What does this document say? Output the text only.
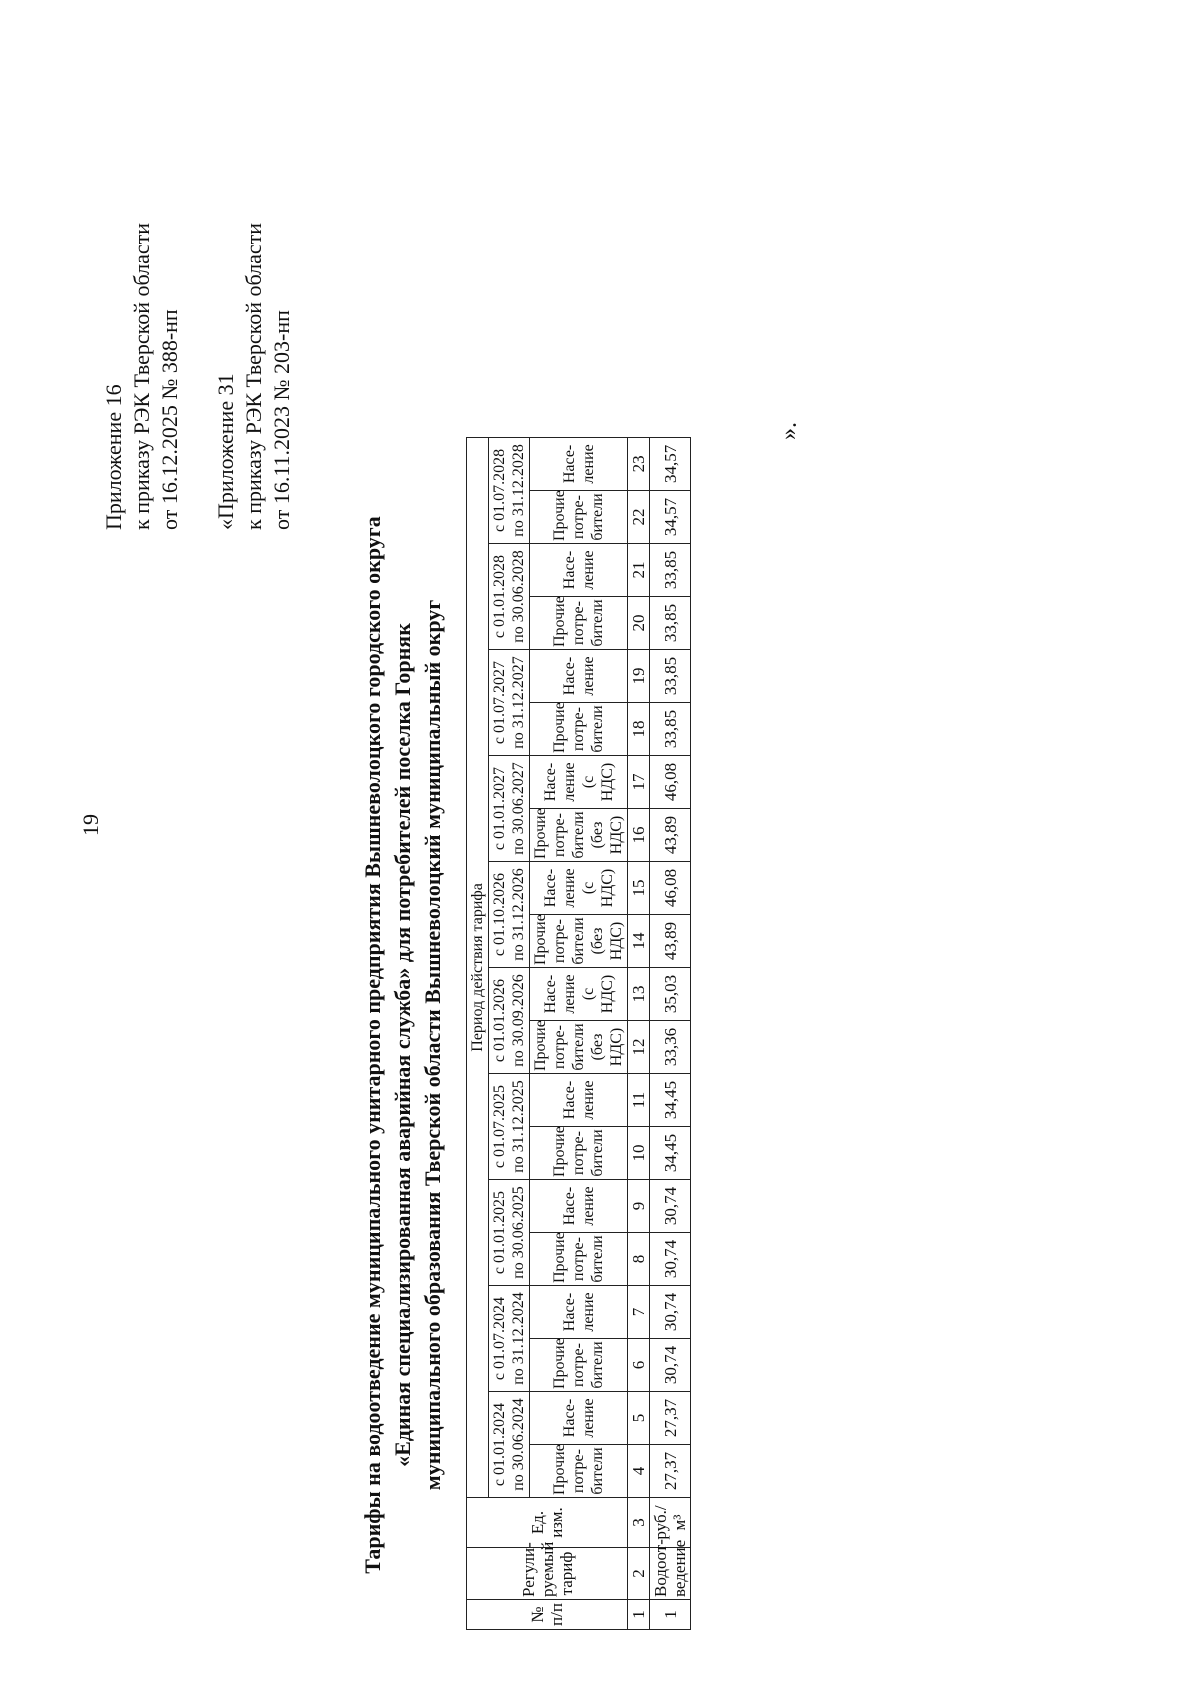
19
Приложение 16 к приказу РЭК Тверской области от 16.12.2025 № 388-нп «Приложение 31 к приказу РЭК Тверской области от 16.11.2023 № 203-нп
Тарифы на водоотведение муниципального унитарного предприятия Вышневолоцкого городского округа «Единая специализированная аварийная служба» для потребителей поселка Горняк муниципального образования Тверской области Вышневолоцкий муниципальный округ
№ п/п	Регули-руемый тариф	Ед. изм.	Период действия тарифа																			
			с 01.01.2024 по 30.06.2024		с 01.07.2024 по 31.12.2024		с 01.01.2025 по 30.06.2025		с 01.07.2025 по 31.12.2025		с 01.01.2026 по 30.09.2026		с 01.10.2026 по 31.12.2026		с 01.01.2027 по 30.06.2027		с 01.07.2027 по 31.12.2027		с 01.01.2028 по 30.06.2028		с 01.07.2028 по 31.12.2028	
			Прочие потре-бители	Насе-ление	Прочие потре-бители	Насе-ление	Прочие потре-бители	Насе-ление	Прочие потре-бители	Насе-ление	Прочие потре-бители (без НДС)	Насе-ление (с НДС)	Прочие потре-бители (без НДС)	Насе-ление (с НДС)	Прочие потре-бители (без НДС)	Насе-ление (с НДС)	Прочие потре-бители	Насе-ление	Прочие потре-бители	Насе-ление	Прочие потре-бители	Насе-ление
1	2	3	4	5	6	7	8	9	10	11	12	13	14	15	16	17	18	19	20	21	22	23
1	Водоот-ведение	руб./м³	27,37	27,37	30,74	30,74	30,74	30,74	34,45	34,45	33,36	35,03	43,89	46,08	43,89	46,08	33,85	33,85	33,85	33,85	34,57	34,57
».
